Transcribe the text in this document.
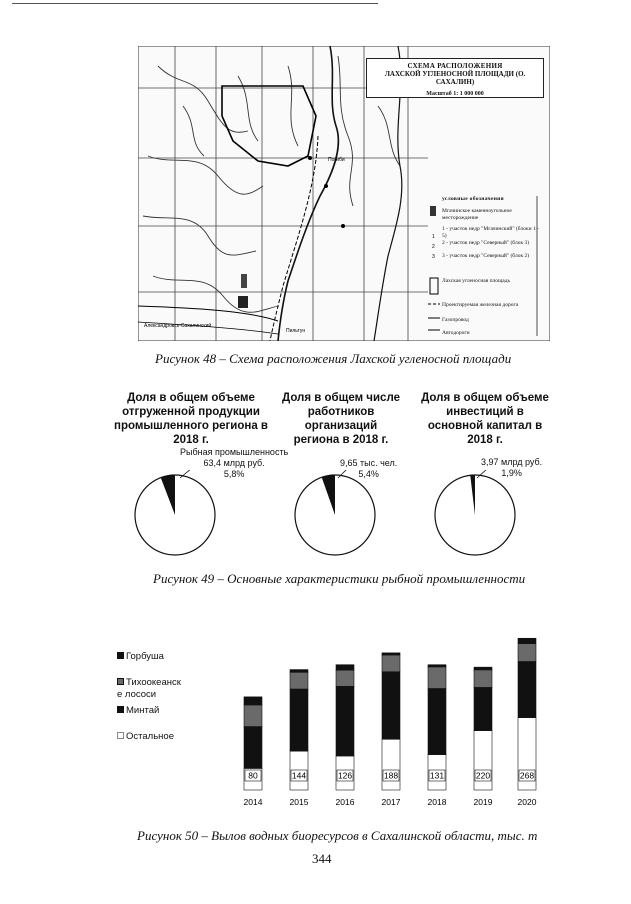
Александровск-Сахалинский
Пильтун
Погиби
СХЕМА РАСПОЛОЖЕНИЯ
ЛАХСКОЙ УГЛЕНОСНОЙ ПЛОЩАДИ (О. САХАЛИН)
Масштаб 1: 1 000 000
условные обозначения
1
2
3
Мгачинское каменноугольное месторождение
1 - участок недр "Мгачинский" (блоки 1 - 5)
2 - участок недр "Северный" (блок 3)
3 - участок недр "Северный" (блок 2)
Лахская угленосная площадь
Проектируемая железная дорога
Газопровод
Автодороги
Рисунок 48 – Схема расположения Лахской угленосной площади
Доля в общем объеме
отгруженной продукции
промышленного региона в
2018 г.
Доля в общем числе
работников организаций
региона в 2018 г.
Доля в общем объеме
инвестиций в
основной капитал в
2018 г.
Рыбная промышленность
63,4 млрд руб.
5,8%
9,65 тыс. чел.
5,4%
3,97 млрд руб.
1,9%
Рисунок 49 – Основные характеристики рыбной промышленности
Горбуша
Тихоокеанск
е лососи
Минтай
Остальное
80
2014
144
2015
126
2016
188
2017
131
2018
220
2019
268
2020
Рисунок 50 – Вылов водных биоресурсов в Сахалинской области, тыс. т
344
